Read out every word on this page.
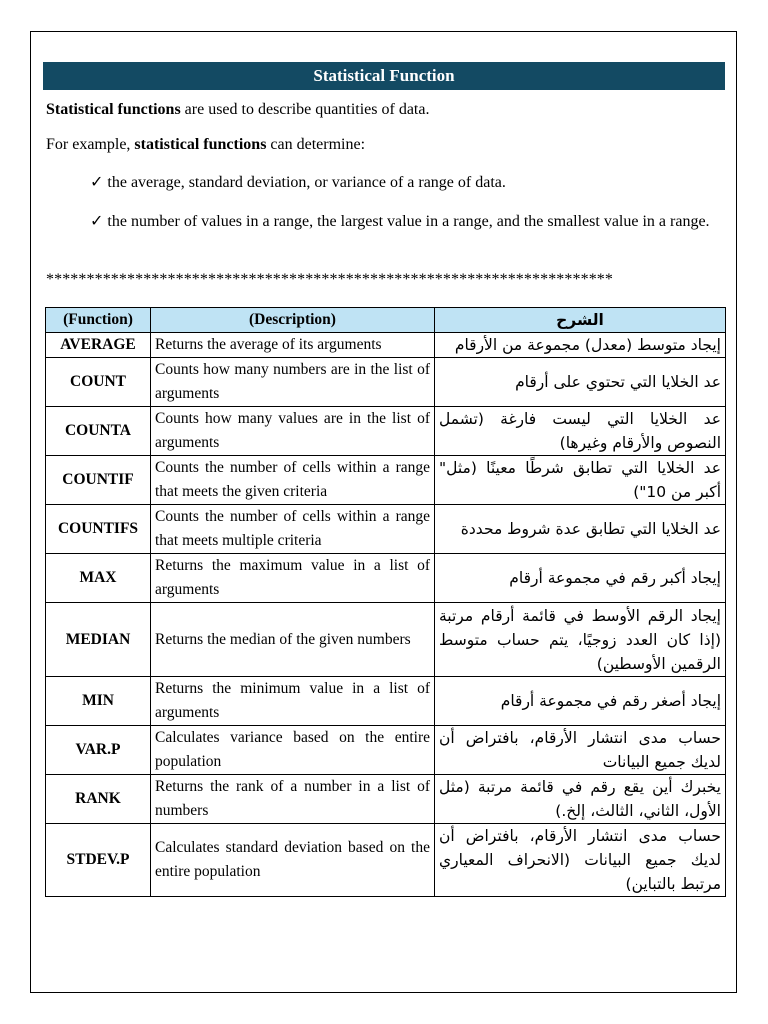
Statistical Function

Statistical functions are used to describe quantities of data.

For example, statistical functions can determine:

✓ the average, standard deviation, or variance of a range of data.

✓ the number of values in a range, the largest value in a range, and the smallest value in a range.

**********************************************************************
(Function)	(Description)	الشرح
AVERAGE	Returns the average of its arguments	إيجاد متوسط (معدل) مجموعة من الأرقام
COUNT	Counts how many numbers are in the list of arguments	عد الخلايا التي تحتوي على أرقام
COUNTA	Counts how many values are in the list of arguments	عد الخلايا التي ليست فارغة (تشمل النصوص والأرقام وغيرها)
COUNTIF	Counts the number of cells within a range that meets the given criteria	عد الخلايا التي تطابق شرطًا معينًا (مثل" أكبر من 10")
COUNTIFS	Counts the number of cells within a range that meets multiple criteria	عد الخلايا التي تطابق عدة شروط محددة
MAX	Returns the maximum value in a list of arguments	إيجاد أكبر رقم في مجموعة أرقام
MEDIAN	Returns the median of the given numbers	إيجاد الرقم الأوسط في قائمة أرقام مرتبة (إذا كان العدد زوجيًا، يتم حساب متوسط الرقمين الأوسطين)
MIN	Returns the minimum value in a list of arguments	إيجاد أصغر رقم في مجموعة أرقام
VAR.P	Calculates variance based on the entire population	حساب مدى انتشار الأرقام، بافتراض أن لديك جميع البيانات
RANK	Returns the rank of a number in a list of numbers	يخبرك أين يقع رقم في قائمة مرتبة (مثل الأول، الثاني، الثالث، إلخ.)
STDEV.P	Calculates standard deviation based on the entire population	حساب مدى انتشار الأرقام، بافتراض أن لديك جميع البيانات (الانحراف المعياري مرتبط بالتباين)
